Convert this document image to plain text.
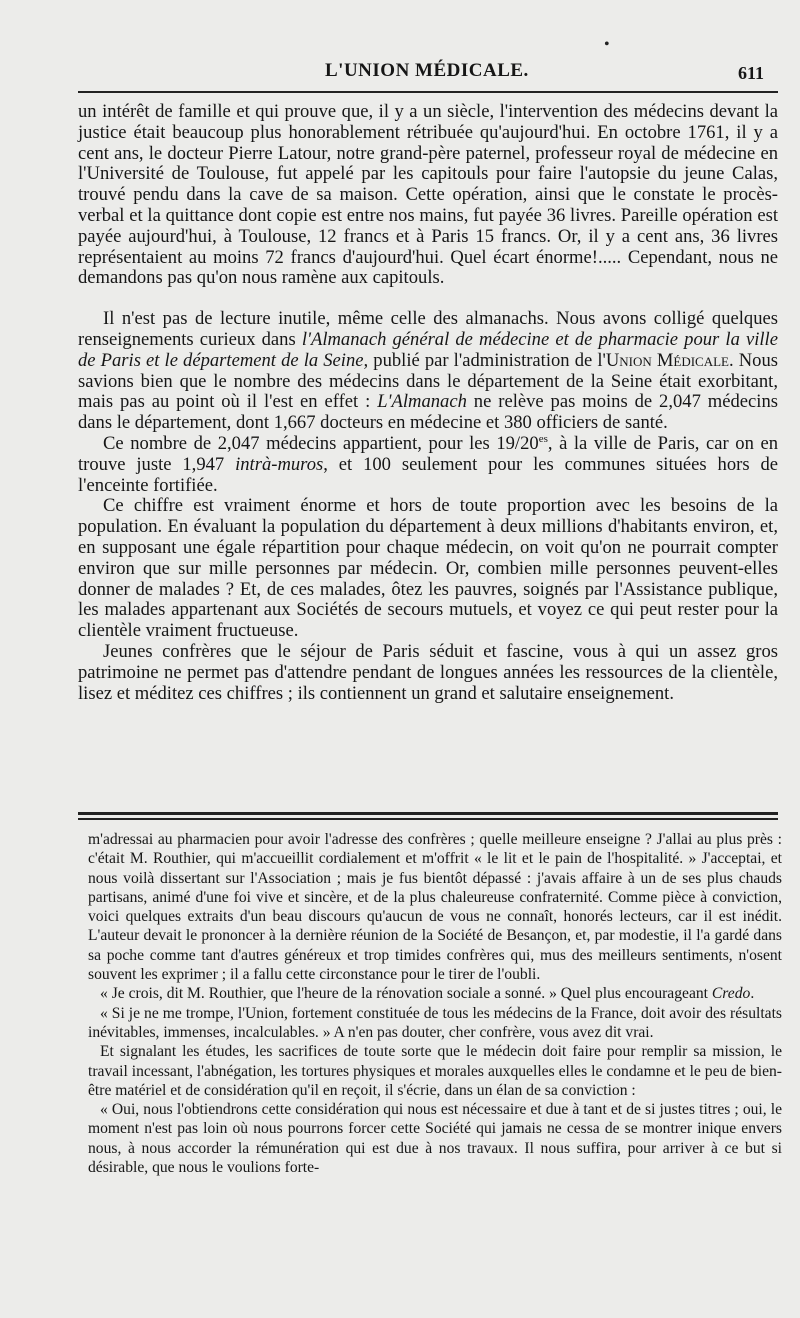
•
L'UNION MÉDICALE.	611

un intérêt de famille et qui prouve que, il y a un siècle, l'intervention des médecins devant la justice était beaucoup plus honorablement rétribuée qu'aujourd'hui. En octobre 1761, il y a cent ans, le docteur Pierre Latour, notre grand-père paternel, professeur royal de médecine en l'Université de Toulouse, fut appelé par les capitouls pour faire l'autopsie du jeune Calas, trouvé pendu dans la cave de sa maison. Cette opération, ainsi que le constate le procès-verbal et la quittance dont copie est entre nos mains, fut payée 36 livres. Pareille opération est payée aujourd'hui, à Toulouse, 12 francs et à Paris 15 francs. Or, il y a cent ans, 36 livres représentaient au moins 72 francs d'aujourd'hui. Quel écart énorme!..... Cependant, nous ne demandons pas qu'on nous ramène aux capitouls.

Il n'est pas de lecture inutile, même celle des almanachs. Nous avons colligé quelques renseignements curieux dans l'Almanach général de médecine et de pharmacie pour la ville de Paris et le département de la Seine, publié par l'administration de l'Union Médicale. Nous savions bien que le nombre des médecins dans le département de la Seine était exorbitant, mais pas au point où il l'est en effet : L'Almanach ne relève pas moins de 2,047 médecins dans le département, dont 1,667 docteurs en médecine et 380 officiers de santé.

Ce nombre de 2,047 médecins appartient, pour les $19/20^{es}$, à la ville de Paris, car on en trouve juste 1,947 intrà-muros, et 100 seulement pour les communes situées hors de l'enceinte fortifiée.

Ce chiffre est vraiment énorme et hors de toute proportion avec les besoins de la population. En évaluant la population du département à deux millions d'habitants environ, et, en supposant une égale répartition pour chaque médecin, on voit qu'on ne pourrait compter environ que sur mille personnes par médecin. Or, combien mille personnes peuvent-elles donner de malades ? Et, de ces malades, ôtez les pauvres, soignés par l'Assistance publique, les malades appartenant aux Sociétés de secours mutuels, et voyez ce qui peut rester pour la clientèle vraiment fructueuse.

Jeunes confrères que le séjour de Paris séduit et fascine, vous à qui un assez gros patrimoine ne permet pas d'attendre pendant de longues années les ressources de la clientèle, lisez et méditez ces chiffres ; ils contiennent un grand et salutaire enseignement.

m'adressai au pharmacien pour avoir l'adresse des confrères ; quelle meilleure enseigne ? J'allai au plus près : c'était M. Routhier, qui m'accueillit cordialement et m'offrit « le lit et le pain de l'hospitalité. » J'acceptai, et nous voilà dissertant sur l'Association ; mais je fus bientôt dépassé : j'avais affaire à un de ses plus chauds partisans, animé d'une foi vive et sincère, et de la plus chaleureuse confraternité. Comme pièce à conviction, voici quelques extraits d'un beau discours qu'aucun de vous ne connaît, honorés lecteurs, car il est inédit. L'auteur devait le prononcer à la dernière réunion de la Société de Besançon, et, par modestie, il l'a gardé dans sa poche comme tant d'autres généreux et trop timides confrères qui, mus des meilleurs sentiments, n'osent souvent les exprimer ; il a fallu cette circonstance pour le tirer de l'oubli.

« Je crois, dit M. Routhier, que l'heure de la rénovation sociale a sonné. » Quel plus encourageant Credo.

« Si je ne me trompe, l'Union, fortement constituée de tous les médecins de la France, doit avoir des résultats inévitables, immenses, incalculables. » A n'en pas douter, cher confrère, vous avez dit vrai.

Et signalant les études, les sacrifices de toute sorte que le médecin doit faire pour remplir sa mission, le travail incessant, l'abnégation, les tortures physiques et morales auxquelles elles le condamne et le peu de bien-être matériel et de considération qu'il en reçoit, il s'écrie, dans un élan de sa conviction :

« Oui, nous l'obtiendrons cette considération qui nous est nécessaire et due à tant et de si justes titres ; oui, le moment n'est pas loin où nous pourrons forcer cette Société qui jamais ne cessa de se montrer inique envers nous, à nous accorder la rémunération qui est due à nos travaux. Il nous suffira, pour arriver à ce but si désirable, que nous le voulions forte-
